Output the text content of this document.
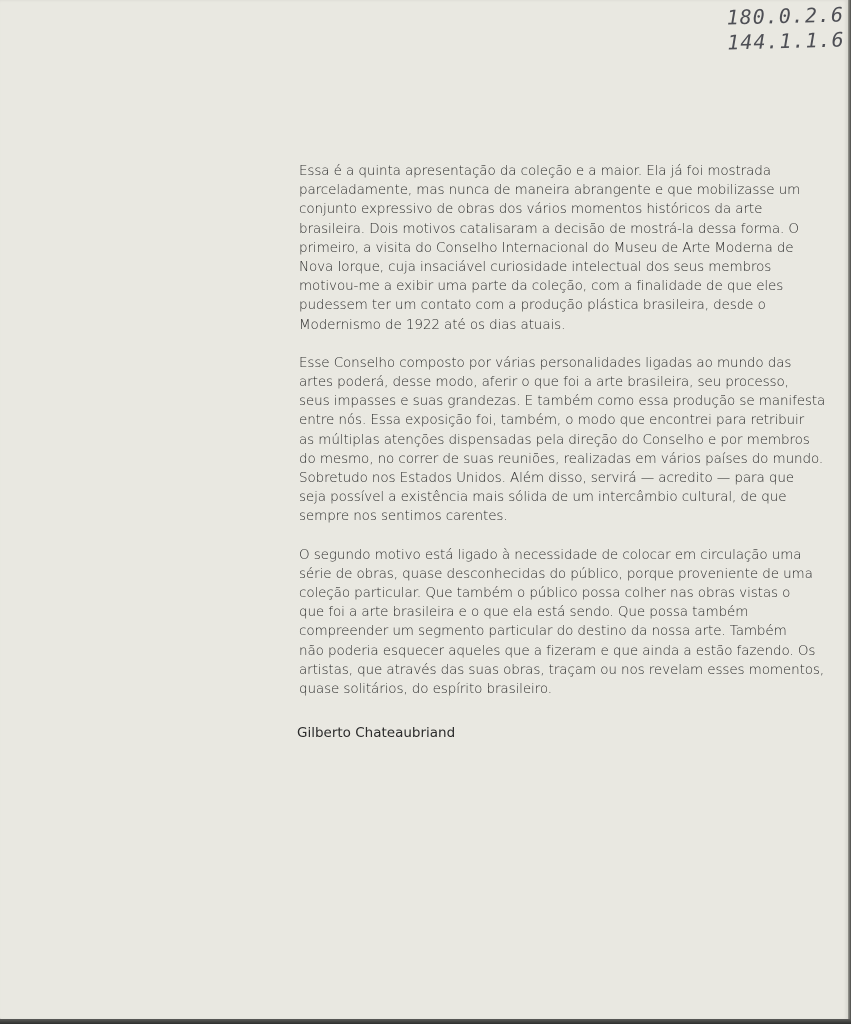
180.0.2.6
144.1.1.6

Essa é a quinta apresentação da coleção e a maior. Ela já foi mostrada
parceladamente, mas nunca de maneira abrangente e que mobilizasse um
conjunto expressivo de obras dos vários momentos históricos da arte
brasileira. Dois motivos catalisaram a decisão de mostrá-la dessa forma. O
primeiro, a visita do Conselho Internacional do Museu de Arte Moderna de
Nova Iorque, cuja insaciável curiosidade intelectual dos seus membros
motivou-me a exibir uma parte da coleção, com a finalidade de que eles
pudessem ter um contato com a produção plástica brasileira, desde o
Modernismo de 1922 até os dias atuais.

Esse Conselho composto por várias personalidades ligadas ao mundo das
artes poderá, desse modo, aferir o que foi a arte brasileira, seu processo,
seus impasses e suas grandezas. E também como essa produção se manifesta
entre nós. Essa exposição foi, também, o modo que encontrei para retribuir
as múltiplas atenções dispensadas pela direção do Conselho e por membros
do mesmo, no correr de suas reuniões, realizadas em vários países do mundo.
Sobretudo nos Estados Unidos. Além disso, servirá — acredito — para que
seja possível a existência mais sólida de um intercâmbio cultural, de que
sempre nos sentimos carentes.

O segundo motivo está ligado à necessidade de colocar em circulação uma
série de obras, quase desconhecidas do público, porque proveniente de uma
coleção particular. Que também o público possa colher nas obras vistas o
que foi a arte brasileira e o que ela está sendo. Que possa também
compreender um segmento particular do destino da nossa arte. Também
não poderia esquecer aqueles que a fizeram e que ainda a estão fazendo. Os
artistas, que através das suas obras, traçam ou nos revelam esses momentos,
quase solitários, do espírito brasileiro.

Gilberto Chateaubriand
